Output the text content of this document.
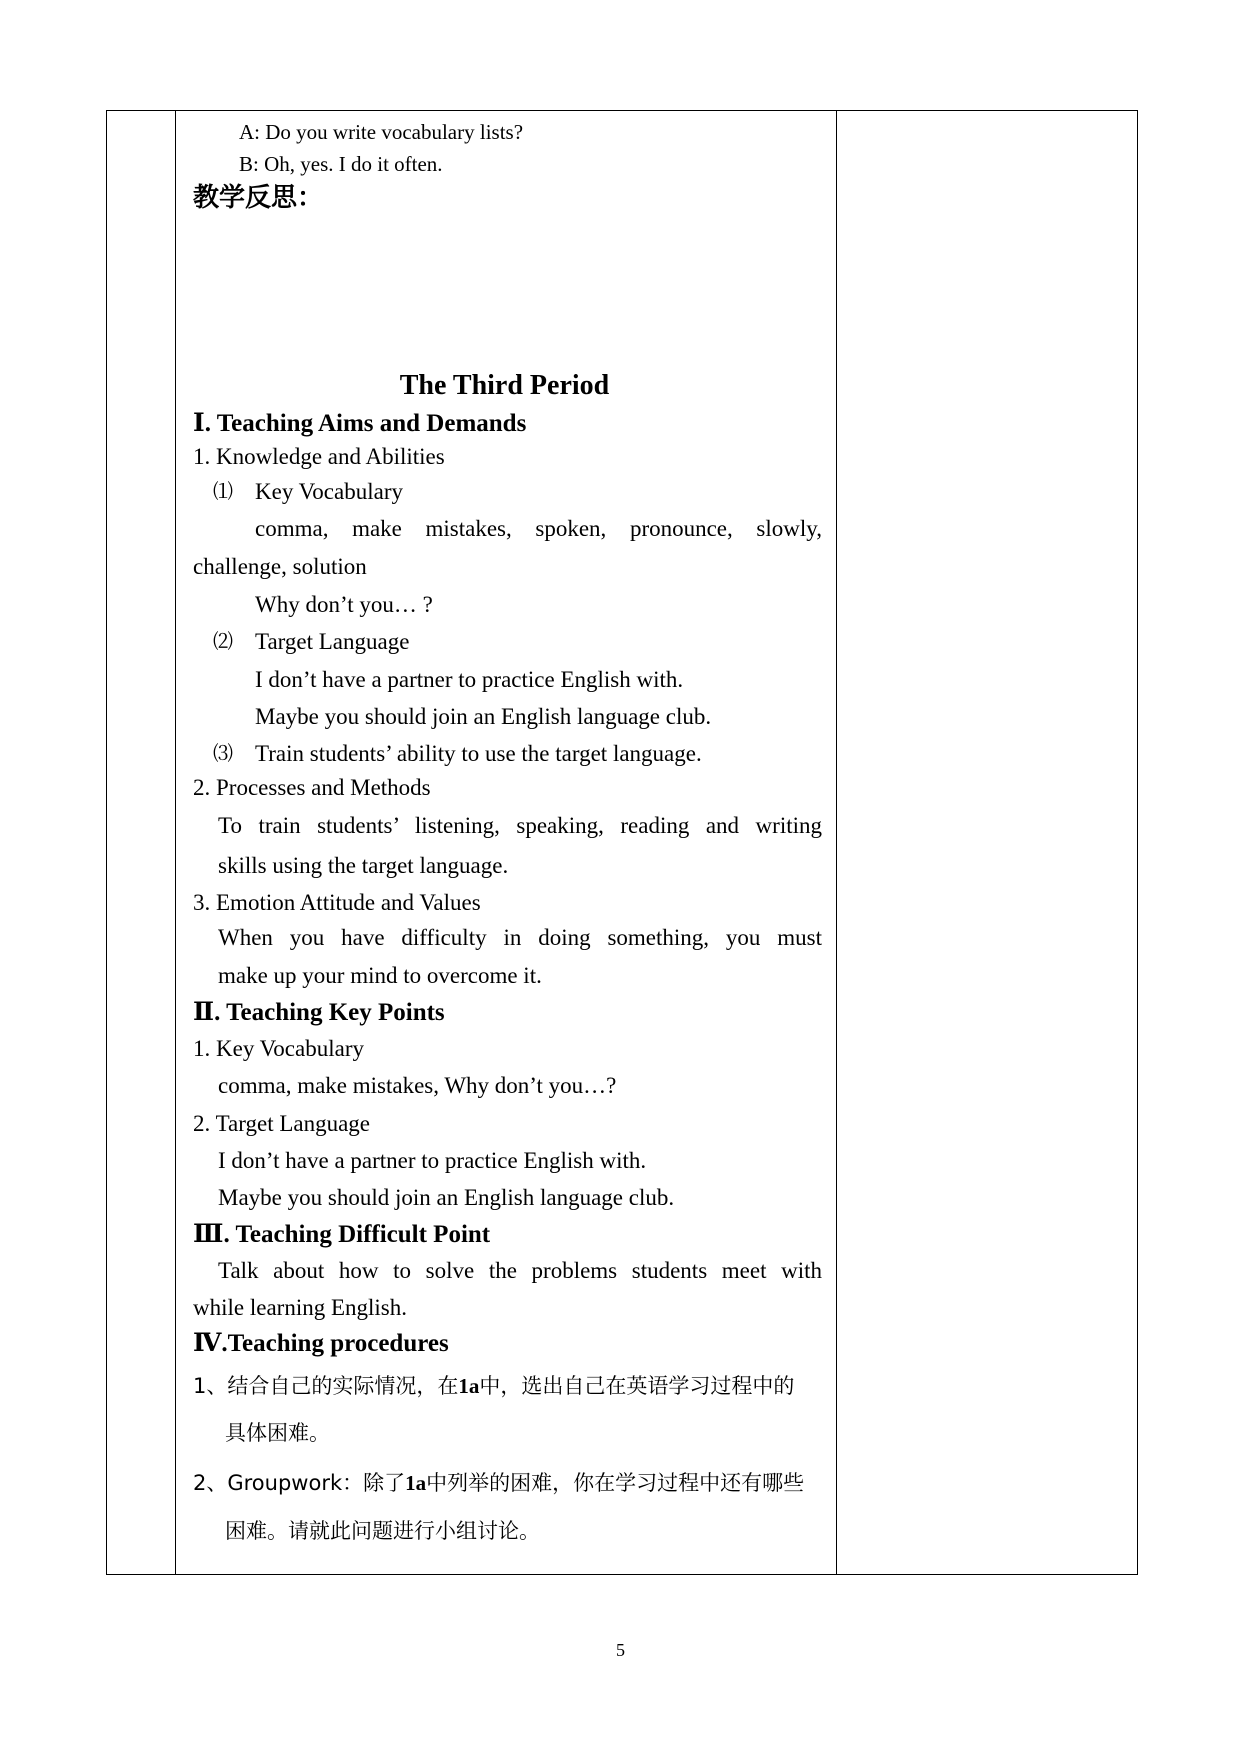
A: Do you write vocabulary lists?
B: Oh, yes. I do it often.
教学反思：
The Third Period
Ⅰ. Teaching Aims and Demands
1. Knowledge and Abilities
⑴ Key Vocabulary
comma, make mistakes, spoken, pronounce, slowly,
challenge, solution
Why don’t you… ?
⑵ Target Language
I don’t have a partner to practice English with.
Maybe you should join an English language club.
⑶ Train students’ ability to use the target language.
2. Processes and Methods
To train students’ listening, speaking, reading and writing
skills using the target language.
3. Emotion Attitude and Values
When you have difficulty in doing something, you must
make up your mind to overcome it.
Ⅱ. Teaching Key Points
1. Key Vocabulary
comma, make mistakes, Why don’t you…?
2. Target Language
I don’t have a partner to practice English with.
Maybe you should join an English language club.
Ⅲ. Teaching Difficult Point
Talk about how to solve the problems students meet with
while learning English.
Ⅳ.Teaching procedures
1、结合自己的实际情况，在1a中，选出自己在英语学习过程中的
具体困难。
2、Groupwork：除了1a中列举的困难，你在学习过程中还有哪些
困难。请就此问题进行小组讨论。
5
